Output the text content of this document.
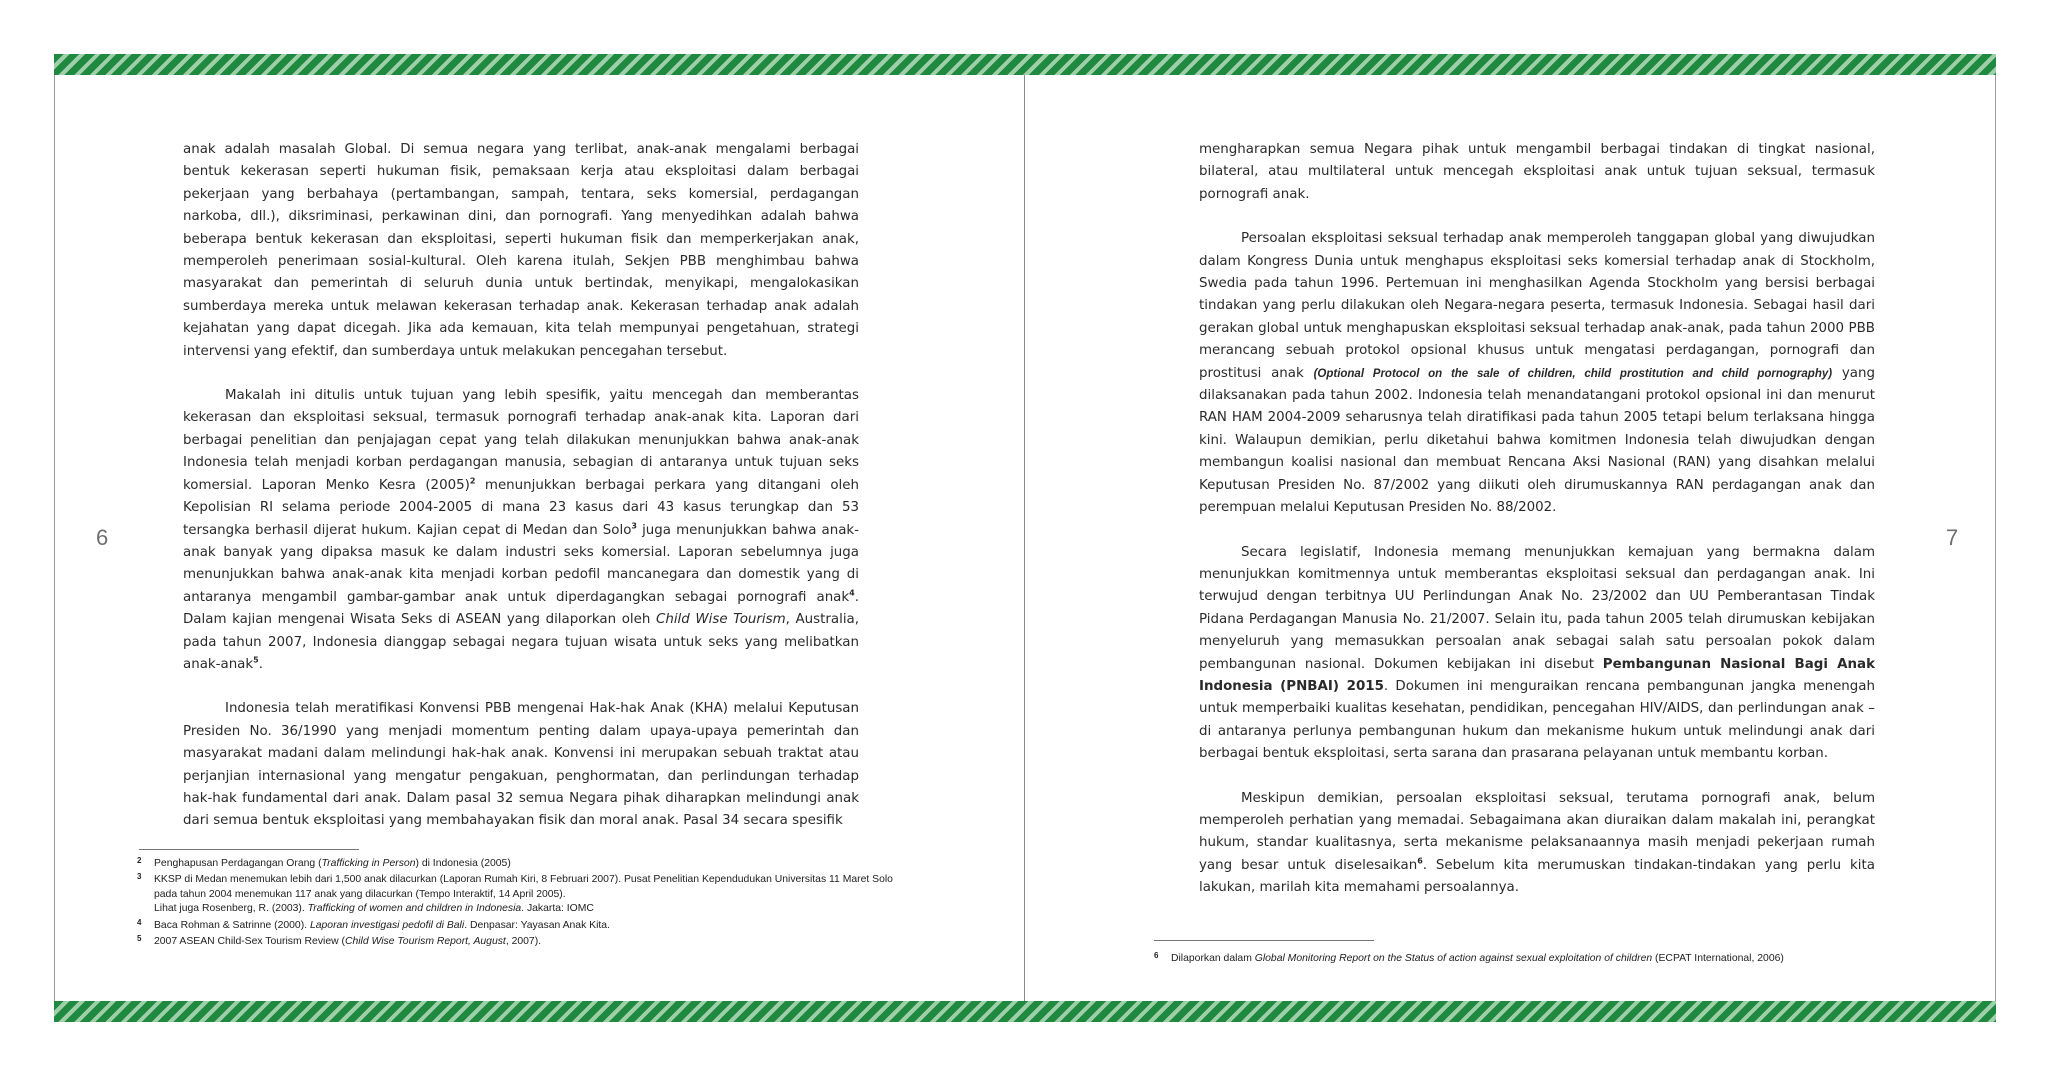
6

anak adalah masalah Global. Di semua negara yang terlibat, anak-anak mengalami berbagai bentuk kekerasan seperti hukuman fisik, pemaksaan kerja atau eksploitasi dalam berbagai pekerjaan yang berbahaya (pertambangan, sampah, tentara, seks komersial, perdagangan narkoba, dll.), diksriminasi, perkawinan dini, dan pornografi. Yang menyedihkan adalah bahwa beberapa bentuk kekerasan dan eksploitasi, seperti hukuman fisik dan memperkerjakan anak, memperoleh penerimaan sosial-kultural. Oleh karena itulah, Sekjen PBB menghimbau bahwa masyarakat dan pemerintah di seluruh dunia untuk bertindak, menyikapi, mengalokasikan sumberdaya mereka untuk melawan kekerasan terhadap anak. Kekerasan terhadap anak adalah kejahatan yang dapat dicegah. Jika ada kemauan, kita telah mempunyai pengetahuan, strategi intervensi yang efektif, dan sumberdaya untuk melakukan pencegahan tersebut.

Makalah ini ditulis untuk tujuan yang lebih spesifik, yaitu mencegah dan memberantas kekerasan dan eksploitasi seksual, termasuk pornografi terhadap anak-anak kita. Laporan dari berbagai penelitian dan penjajagan cepat yang telah dilakukan menunjukkan bahwa anak-anak Indonesia telah menjadi korban perdagangan manusia, sebagian di antaranya untuk tujuan seks komersial. Laporan Menko Kesra $(2005)^2$ menunjukkan berbagai perkara yang ditangani oleh Kepolisian RI selama periode 2004-2005 di mana 23 kasus dari 43 kasus terungkap dan 53 tersangka berhasil dijerat hukum. Kajian cepat di Medan dan Solo$^3$ juga menunjukkan bahwa anak-anak banyak yang dipaksa masuk ke dalam industri seks komersial. Laporan sebelumnya juga menunjukkan bahwa anak-anak kita menjadi korban pedofil mancanegara dan domestik yang di antaranya mengambil gambar-gambar anak untuk diperdagangkan sebagai pornografi anak$^4$. Dalam kajian mengenai Wisata Seks di ASEAN yang dilaporkan oleh Child Wise Tourism, Australia, pada tahun 2007, Indonesia dianggap sebagai negara tujuan wisata untuk seks yang melibatkan anak-anak$^5$.

Indonesia telah meratifikasi Konvensi PBB mengenai Hak-hak Anak (KHA) melalui Keputusan Presiden No. 36/1990 yang menjadi momentum penting dalam upaya-upaya pemerintah dan masyarakat madani dalam melindungi hak-hak anak. Konvensi ini merupakan sebuah traktat atau perjanjian internasional yang mengatur pengakuan, penghormatan, dan perlindungan terhadap hak-hak fundamental dari anak. Dalam pasal 32 semua Negara pihak diharapkan melindungi anak dari semua bentuk eksploitasi yang membahayakan fisik dan moral anak. Pasal 34 secara spesifik

2 Penghapusan Perdagangan Orang (Trafficking in Person) di Indonesia (2005)
3 KKSP di Medan menemukan lebih dari 1,500 anak dilacurkan (Laporan Rumah Kiri, 8 Februari 2007). Pusat Penelitian Kependudukan Universitas 11 Maret Solo pada tahun 2004 menemukan 117 anak yang dilacurkan (Tempo Interaktif, 14 April 2005).
Lihat juga Rosenberg, R. (2003). Trafficking of women and children in Indonesia. Jakarta: IOMC
4 Baca Rohman & Satrinne (2000). Laporan investigasi pedofil di Bali. Denpasar: Yayasan Anak Kita.
5 2007 ASEAN Child-Sex Tourism Review (Child Wise Tourism Report, August, 2007).
7

mengharapkan semua Negara pihak untuk mengambil berbagai tindakan di tingkat nasional, bilateral, atau multilateral untuk mencegah eksploitasi anak untuk tujuan seksual, termasuk pornografi anak.

Persoalan eksploitasi seksual terhadap anak memperoleh tanggapan global yang diwujudkan dalam Kongress Dunia untuk menghapus eksploitasi seks komersial terhadap anak di Stockholm, Swedia pada tahun 1996. Pertemuan ini menghasilkan Agenda Stockholm yang bersisi berbagai tindakan yang perlu dilakukan oleh Negara-negara peserta, termasuk Indonesia. Sebagai hasil dari gerakan global untuk menghapuskan eksploitasi seksual terhadap anak-anak, pada tahun 2000 PBB merancang sebuah protokol opsional khusus untuk mengatasi perdagangan, pornografi dan prostitusi anak (Optional Protocol on the sale of children, child prostitution and child pornography) yang dilaksanakan pada tahun 2002. Indonesia telah menandatangani protokol opsional ini dan menurut RAN HAM 2004-2009 seharusnya telah diratifikasi pada tahun 2005 tetapi belum terlaksana hingga kini. Walaupun demikian, perlu diketahui bahwa komitmen Indonesia telah diwujudkan dengan membangun koalisi nasional dan membuat Rencana Aksi Nasional (RAN) yang disahkan melalui Keputusan Presiden No. 87/2002 yang diikuti oleh dirumuskannya RAN perdagangan anak dan perempuan melalui Keputusan Presiden No. 88/2002.

Secara legislatif, Indonesia memang menunjukkan kemajuan yang bermakna dalam menunjukkan komitmennya untuk memberantas eksploitasi seksual dan perdagangan anak. Ini terwujud dengan terbitnya UU Perlindungan Anak No. 23/2002 dan UU Pemberantasan Tindak Pidana Perdagangan Manusia No. 21/2007. Selain itu, pada tahun 2005 telah dirumuskan kebijakan menyeluruh yang memasukkan persoalan anak sebagai salah satu persoalan pokok dalam pembangunan nasional. Dokumen kebijakan ini disebut Pembangunan Nasional Bagi Anak Indonesia (PNBAI) 2015. Dokumen ini menguraikan rencana pembangunan jangka menengah untuk memperbaiki kualitas kesehatan, pendidikan, pencegahan HIV/AIDS, dan perlindungan anak – di antaranya perlunya pembangunan hukum dan mekanisme hukum untuk melindungi anak dari berbagai bentuk eksploitasi, serta sarana dan prasarana pelayanan untuk membantu korban.

Meskipun demikian, persoalan eksploitasi seksual, terutama pornografi anak, belum memperoleh perhatian yang memadai. Sebagaimana akan diuraikan dalam makalah ini, perangkat hukum, standar kualitasnya, serta mekanisme pelaksanaannya masih menjadi pekerjaan rumah yang besar untuk diselesaikan$^6$. Sebelum kita merumuskan tindakan-tindakan yang perlu kita lakukan, marilah kita memahami persoalannya.

6 Dilaporkan dalam Global Monitoring Report on the Status of action against sexual exploitation of children (ECPAT International, 2006)
